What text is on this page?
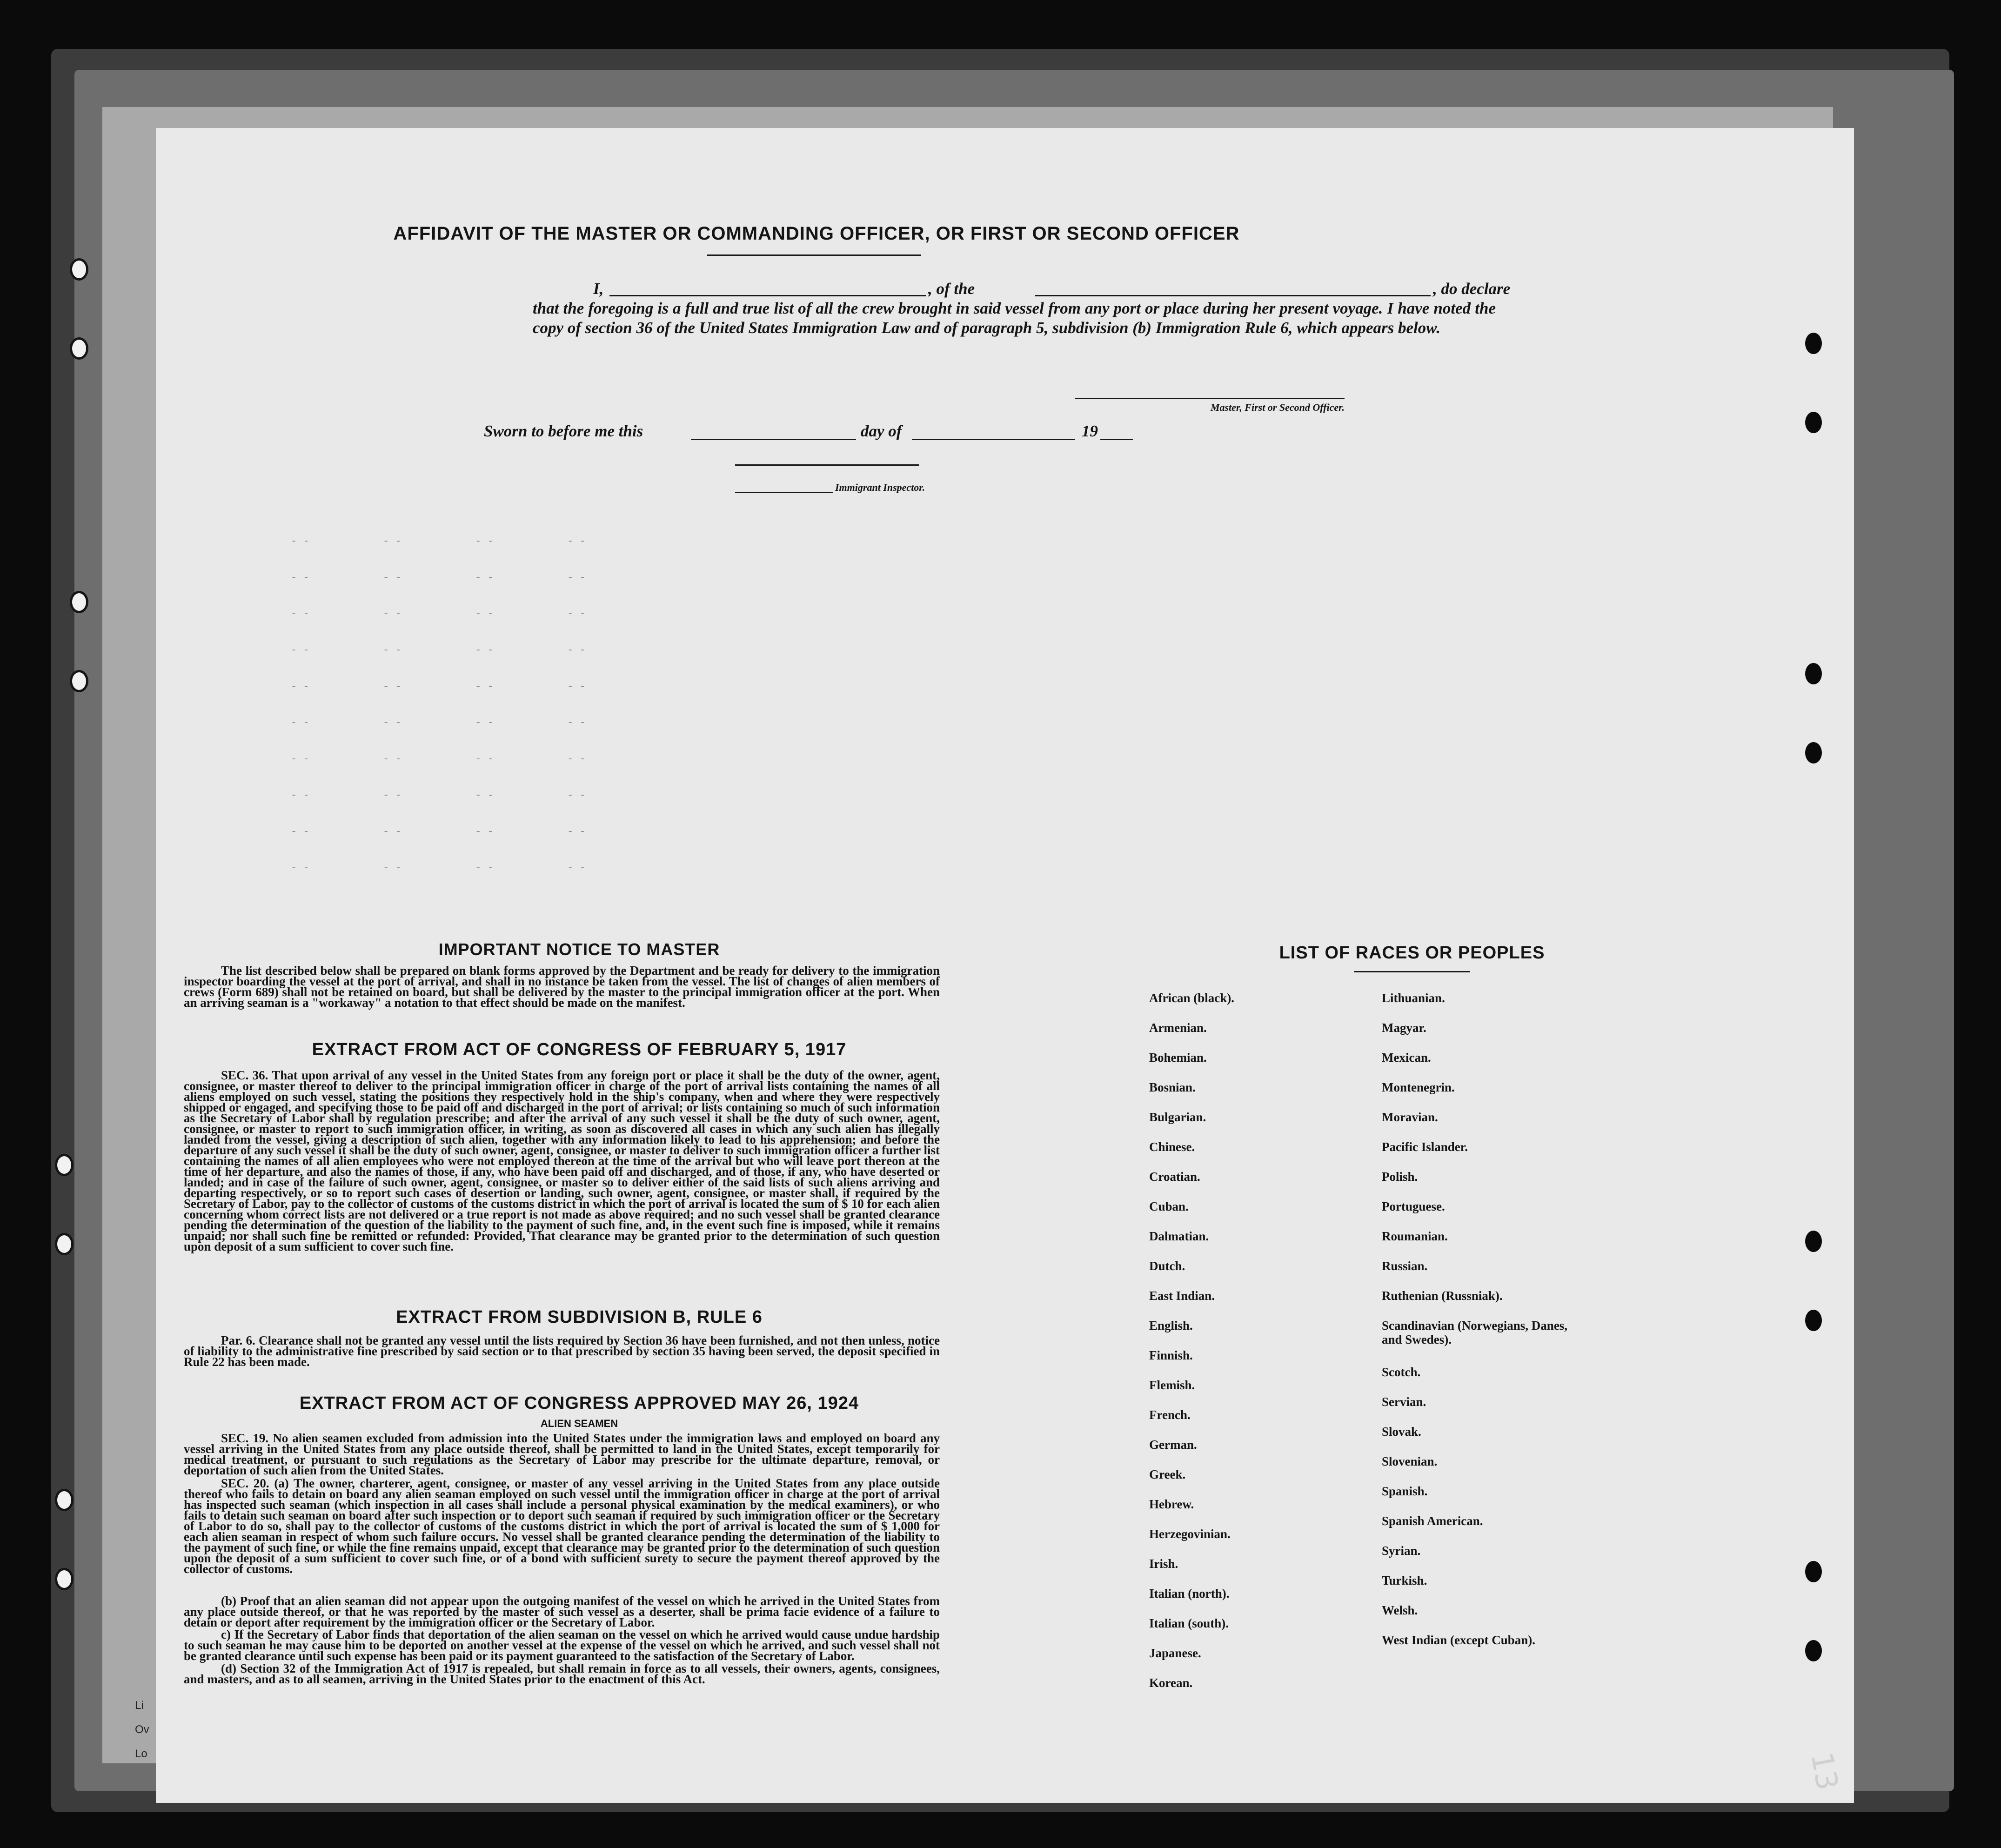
Li
Ov
Lo
- -            - -            - -            - -
- -            - -            - -            - -
- -            - -            - -            - -
- -            - -            - -            - -
- -            - -            - -            - -
- -            - -            - -            - -
- -            - -            - -            - -
- -            - -            - -            - -
- -            - -            - -            - -
- -            - -            - -            - -
AFFIDAVIT OF THE MASTER OR COMMANDING OFFICER, OR FIRST OR SECOND OFFICER
I,	, of the	, do declare
that the foregoing is a full and true list of all the crew brought in said vessel from any port or place during her present voyage. I have noted the copy of section 36 of the United States Immigration Law and of paragraph 5, subdivision (b) Immigration Rule 6, which appears below.
Master, First or Second Officer.
Sworn to before me this	day of	19
Immigrant Inspector.
IMPORTANT NOTICE TO MASTER
The list described below shall be prepared on blank forms approved by the Department and be ready for delivery to the immigration inspector boarding the vessel at the port of arrival, and shall in no instance be taken from the vessel. The list of changes of alien members of crews (Form 689) shall not be retained on board, but shall be delivered by the master to the principal immigration officer at the port. When an arriving seaman is a "workaway" a notation to that effect should be made on the manifest.
EXTRACT FROM ACT OF CONGRESS OF FEBRUARY 5, 1917
SEC. 36. That upon arrival of any vessel in the United States from any foreign port or place it shall be the duty of the owner, agent, consignee, or master thereof to deliver to the principal immigration officer in charge of the port of arrival lists containing the names of all aliens employed on such vessel, stating the positions they respectively hold in the ship's company, when and where they were respectively shipped or engaged, and specifying those to be paid off and discharged in the port of arrival; or lists containing so much of such information as the Secretary of Labor shall by regulation prescribe; and after the arrival of any such vessel it shall be the duty of such owner, agent, consignee, or master to report to such immigration officer, in writing, as soon as discovered all cases in which any such alien has illegally landed from the vessel, giving a description of such alien, together with any information likely to lead to his apprehension; and before the departure of any such vessel it shall be the duty of such owner, agent, consignee, or master to deliver to such immigration officer a further list containing the names of all alien employees who were not employed thereon at the time of the arrival but who will leave port thereon at the time of her departure, and also the names of those, if any, who have been paid off and discharged, and of those, if any, who have deserted or landed; and in case of the failure of such owner, agent, consignee, or master so to deliver either of the said lists of such aliens arriving and departing respectively, or so to report such cases of desertion or landing, such owner, agent, consignee, or master shall, if required by the Secretary of Labor, pay to the collector of customs of the customs district in which the port of arrival is located the sum of $ 10 for each alien concerning whom correct lists are not delivered or a true report is not made as above required; and no such vessel shall be granted clearance pending the determination of the question of the liability to the payment of such fine, and, in the event such fine is imposed, while it remains unpaid; nor shall such fine be remitted or refunded: Provided, That clearance may be granted prior to the determination of such question upon deposit of a sum sufficient to cover such fine.
EXTRACT FROM SUBDIVISION B, RULE 6
Par. 6. Clearance shall not be granted any vessel until the lists required by Section 36 have been furnished, and not then unless, notice of liability to the administrative fine prescribed by said section or to that prescribed by section 35 having been served, the deposit specified in Rule 22 has been made.
EXTRACT FROM ACT OF CONGRESS APPROVED MAY 26, 1924
ALIEN SEAMEN
SEC. 19. No alien seamen excluded from admission into the United States under the immigration laws and employed on board any vessel arriving in the United States from any place outside thereof, shall be permitted to land in the United States, except temporarily for medical treatment, or pursuant to such regulations as the Secretary of Labor may prescribe for the ultimate departure, removal, or deportation of such alien from the United States.
SEC. 20. (a) The owner, charterer, agent, consignee, or master of any vessel arriving in the United States from any place outside thereof who fails to detain on board any alien seaman employed on such vessel until the immigration officer in charge at the port of arrival has inspected such seaman (which inspection in all cases shall include a personal physical examination by the medical examiners), or who fails to detain such seaman on board after such inspection or to deport such seaman if required by such immigration officer or the Secretary of Labor to do so, shall pay to the collector of customs of the customs district in which the port of arrival is located the sum of $ 1,000 for each alien seaman in respect of whom such failure occurs. No vessel shall be granted clearance pending the determination of the liability to the payment of such fine, or while the fine remains unpaid, except that clearance may be granted prior to the determination of such question upon the deposit of a sum sufficient to cover such fine, or of a bond with sufficient surety to secure the payment thereof approved by the collector of customs.
(b) Proof that an alien seaman did not appear upon the outgoing manifest of the vessel on which he arrived in the United States from any place outside thereof, or that he was reported by the master of such vessel as a deserter, shall be prima facie evidence of a failure to detain or deport after requirement by the immigration officer or the Secretary of Labor.
c) If the Secretary of Labor finds that deportation of the alien seaman on the vessel on which he arrived would cause undue hardship to such seaman he may cause him to be deported on another vessel at the expense of the vessel on which he arrived, and such vessel shall not be granted clearance until such expense has been paid or its payment guaranteed to the satisfaction of the Secretary of Labor.
(d) Section 32 of the Immigration Act of 1917 is repealed, but shall remain in force as to all vessels, their owners, agents, consignees, and masters, and as to all seamen, arriving in the United States prior to the enactment of this Act.
LIST OF RACES OR PEOPLES
African (black).
Armenian.
Bohemian.
Bosnian.
Bulgarian.
Chinese.
Croatian.
Cuban.
Dalmatian.
Dutch.
East Indian.
English.
Finnish.
Flemish.
French.
German.
Greek.
Hebrew.
Herzegovinian.
Irish.
Italian (north).
Italian (south).
Japanese.
Korean.
Lithuanian.
Magyar.
Mexican.
Montenegrin.
Moravian.
Pacific Islander.
Polish.
Portuguese.
Roumanian.
Russian.
Ruthenian (Russniak).
Scandinavian (Norwegians, Danes, and Swedes).
Scotch.
Servian.
Slovak.
Slovenian.
Spanish.
Spanish American.
Syrian.
Turkish.
Welsh.
West Indian (except Cuban).
13
